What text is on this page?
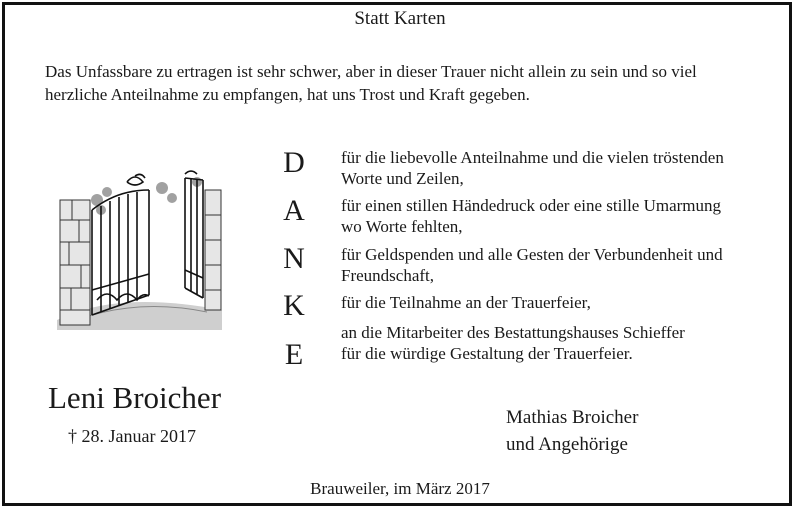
Statt Karten
Das Unfassbare zu ertragen ist sehr schwer, aber in dieser Trauer nicht allein zu sein und so viel
herzliche Anteilnahme zu empfangen, hat uns Trost und Kraft gegeben.
D
A
N
K
E
für die liebevolle Anteilnahme und die vielen tröstenden
Worte und Zeilen,
für einen stillen Händedruck oder eine stille Umarmung
wo Worte fehlten,
für Geldspenden und alle Gesten der Verbundenheit und
Freundschaft,
für die Teilnahme an der Trauerfeier,
an die Mitarbeiter des Bestattungshauses Schieffer
für die würdige Gestaltung der Trauerfeier.
Leni Broicher
† 28. Januar 2017
Mathias Broicher
und Angehörige
Brauweiler, im März 2017
